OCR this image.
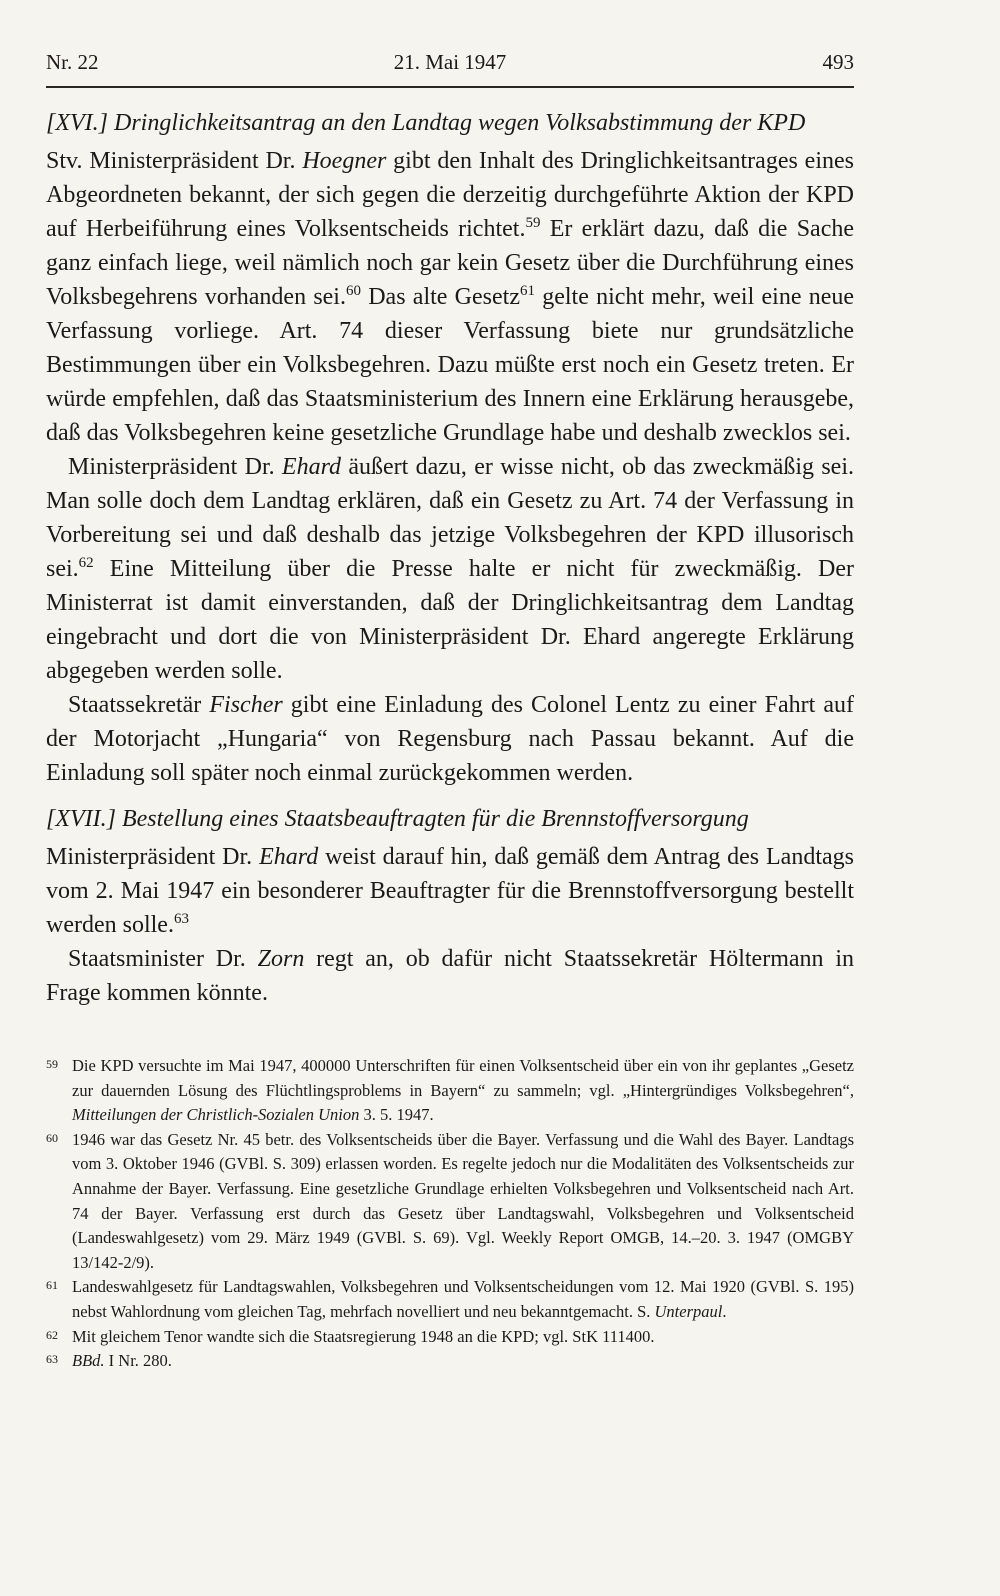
Nr. 22	21. Mai 1947	493
[XVI.] Dringlichkeitsantrag an den Landtag wegen Volksabstimmung der KPD

Stv. Ministerpräsident Dr. Hoegner gibt den Inhalt des Dringlichkeitsantrages eines Abgeordneten bekannt, der sich gegen die derzeitig durchgeführte Aktion der KPD auf Herbeiführung eines Volksentscheids richtet.$^{59}$ Er erklärt dazu, daß die Sache ganz einfach liege, weil nämlich noch gar kein Gesetz über die Durchführung eines Volksbegehrens vorhanden sei.$^{60}$ Das alte Gesetz$^{61}$ gelte nicht mehr, weil eine neue Verfassung vorliege. Art. 74 dieser Verfassung biete nur grundsätzliche Bestimmungen über ein Volksbegehren. Dazu müßte erst noch ein Gesetz treten. Er würde empfehlen, daß das Staatsministerium des Innern eine Erklärung herausgebe, daß das Volksbegehren keine gesetzliche Grundlage habe und deshalb zwecklos sei.

Ministerpräsident Dr. Ehard äußert dazu, er wisse nicht, ob das zweckmäßig sei. Man solle doch dem Landtag erklären, daß ein Gesetz zu Art. 74 der Verfassung in Vorbereitung sei und daß deshalb das jetzige Volksbegehren der KPD illusorisch sei.$^{62}$ Eine Mitteilung über die Presse halte er nicht für zweckmäßig. Der Ministerrat ist damit einverstanden, daß der Dringlichkeitsantrag dem Landtag eingebracht und dort die von Ministerpräsident Dr. Ehard angeregte Erklärung abgegeben werden solle.

Staatssekretär Fischer gibt eine Einladung des Colonel Lentz zu einer Fahrt auf der Motorjacht „Hungaria“ von Regensburg nach Passau bekannt. Auf die Einladung soll später noch einmal zurückgekommen werden.

[XVII.] Bestellung eines Staatsbeauftragten für die Brennstoffversorgung

Ministerpräsident Dr. Ehard weist darauf hin, daß gemäß dem Antrag des Landtags vom 2. Mai 1947 ein besonderer Beauftragter für die Brennstoffversorgung bestellt werden solle.$^{63}$

Staatsminister Dr. Zorn regt an, ob dafür nicht Staatssekretär Höltermann in Frage kommen könnte.

59 Die KPD versuchte im Mai 1947, 400000 Unterschriften für einen Volksentscheid über ein von ihr geplantes „Gesetz zur dauernden Lösung des Flüchtlingsproblems in Bayern“ zu sammeln; vgl. „Hintergründiges Volksbegehren“, Mitteilungen der Christlich-Sozialen Union 3. 5. 1947.
60 1946 war das Gesetz Nr. 45 betr. des Volksentscheids über die Bayer. Verfassung und die Wahl des Bayer. Landtags vom 3. Oktober 1946 (GVBl. S. 309) erlassen worden. Es regelte jedoch nur die Modalitäten des Volksentscheids zur Annahme der Bayer. Verfassung. Eine gesetzliche Grundlage erhielten Volksbegehren und Volksentscheid nach Art. 74 der Bayer. Verfassung erst durch das Gesetz über Landtagswahl, Volksbegehren und Volksentscheid (Landeswahlgesetz) vom 29. März 1949 (GVBl. S. 69). Vgl. Weekly Report OMGB, 14.–20. 3. 1947 (OMGBY 13/142-2/9).
61 Landeswahlgesetz für Landtagswahlen, Volksbegehren und Volksentscheidungen vom 12. Mai 1920 (GVBl. S. 195) nebst Wahlordnung vom gleichen Tag, mehrfach novelliert und neu bekanntgemacht. S. Unterpaul.
62 Mit gleichem Tenor wandte sich die Staatsregierung 1948 an die KPD; vgl. StK 111400.
63 BBd. I Nr. 280.
